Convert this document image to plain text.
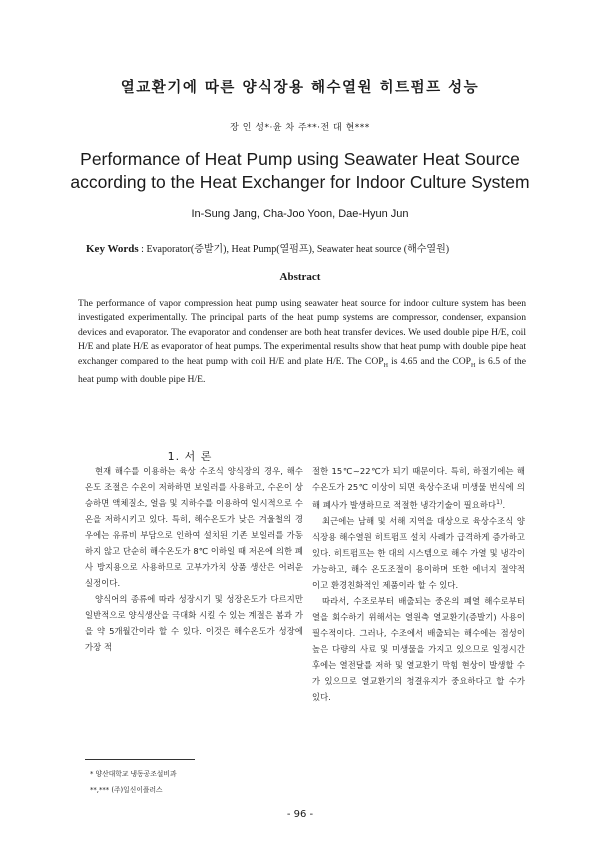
열교환기에 따른 양식장용 해수열원 히트펌프 성능
장 인 성*·윤 차 주**·전 대 현***
Performance of Heat Pump using Seawater Heat Source
according to the Heat Exchanger for Indoor Culture System
In-Sung Jang, Cha-Joo Yoon, Dae-Hyun Jun
Key Words : Evaporator(증발기), Heat Pump(열펌프), Seawater heat source (해수열원)
Abstract
The performance of vapor compression heat pump using seawater heat source for indoor culture system has been investigated experimentally. The principal parts of the heat pump systems are compressor, condenser, expansion devices and evaporator. The evaporator and condenser are both heat transfer devices. We used double pipe H/E, coil H/E and plate H/E as evaporator of heat pumps. The experimental results show that heat pump with double pipe heat exchanger compared to the heat pump with coil H/E and plate H/E. The $COP_H$ is 4.65 and the $COP_H$ is 6.5 of the heat pump with double pipe H/E.
1. 서 론

현재 해수를 이용하는 육상 수조식 양식장의 경우, 해수온도 조절은 수온이 저하하면 보일러를 사용하고, 수온이 상승하면 액체질소, 얼음 및 지하수를 이용하여 일시적으로 수온을 저하시키고 있다. 특히, 해수온도가 낮은 겨울철의 경우에는 유류비 부담으로 인하여 설치된 기존 보일러를 가동하지 않고 단순히 해수온도가 8℃ 이하일 때 저온에 의한 폐사 방지용으로 사용하므로 고부가가치 상품 생산은 어려운 실정이다.

양식어의 종류에 따라 성장시기 및 성장온도가 다르지만 일반적으로 양식생산을 극대화 시킬 수 있는 계절은 봄과 가을 약 5개월간이라 할 수 있다. 이것은 해수온도가 성장에 가장 적

절한 15℃~22℃가 되기 때문이다. 특히, 하절기에는 해수온도가 25℃ 이상이 되면 육상수조내 미생물 번식에 의해 폐사가 발생하므로 적절한 냉각기술이 필요하다$^{1)}$.

최근에는 남해 및 서해 지역을 대상으로 육상수조식 양식장용 해수열원 히트펌프 설치 사례가 급격하게 증가하고 있다. 히트펌프는 한 대의 시스템으로 해수 가열 및 냉각이 가능하고, 해수 온도조절이 용이하며 또한 에너지 절약적이고 환경친화적인 제품이라 할 수 있다.

따라서, 수조로부터 배출되는 중온의 폐열 해수로부터 열을 회수하기 위해서는 열원측 열교환기(증발기) 사용이 필수적이다. 그러나, 수조에서 배출되는 해수에는 점성이 높은 다량의 사료 및 미생물을 가지고 있으므로 일정시간 후에는 열전달를 저하 및 열교환기 막힘 현상이 발생할 수가 있으므로 열교환기의 청결유지가 중요하다고 할 수가 있다.

* 양산대학교 냉동공조설비과
**,*** (주)일신이플러스
- 96 -
